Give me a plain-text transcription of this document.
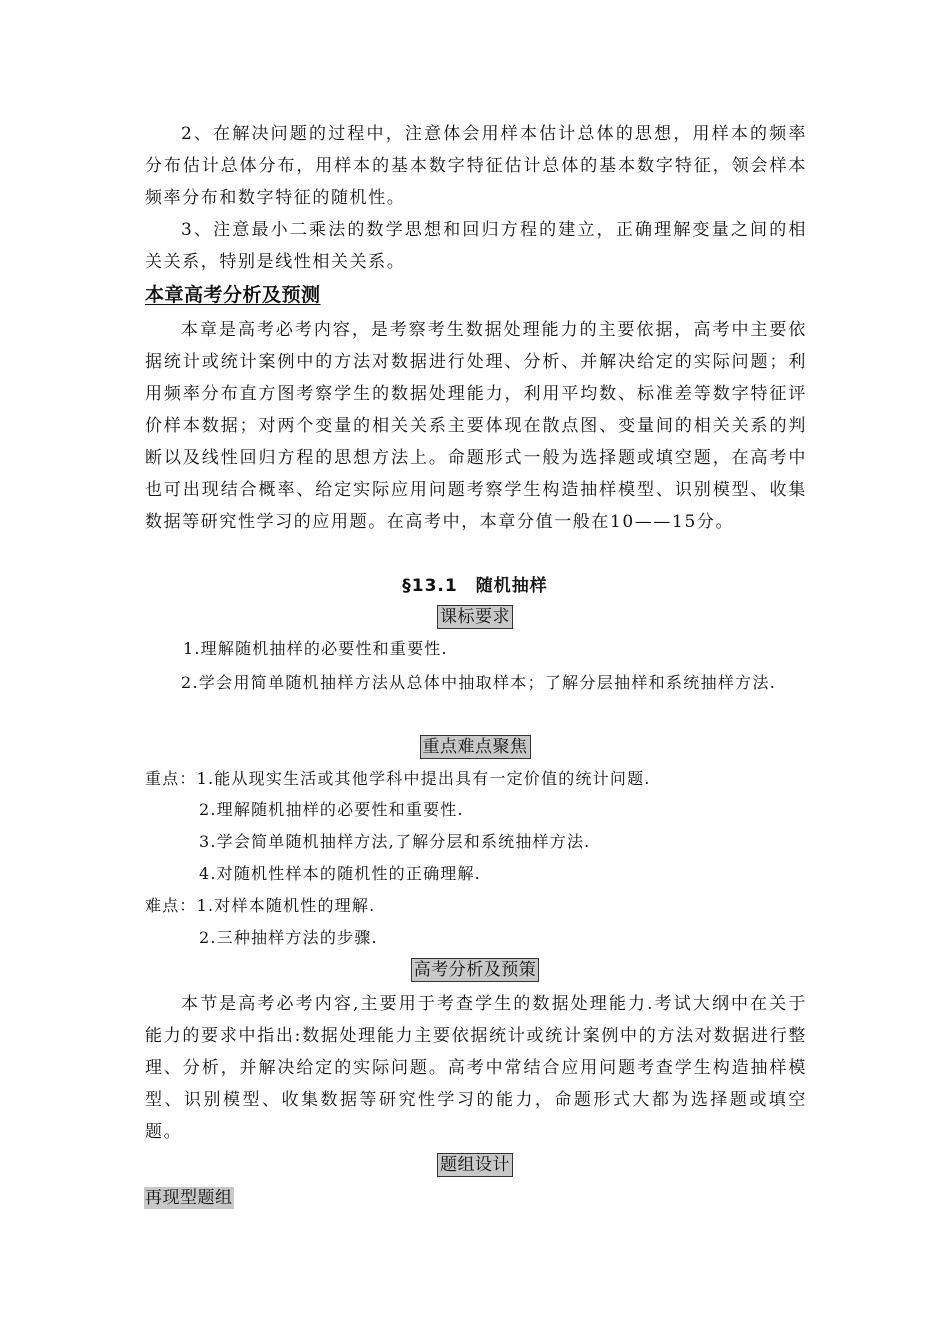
2、在解决问题的过程中，注意体会用样本估计总体的思想，用样本的频率分布估计总体分布，用样本的基本数字特征估计总体的基本数字特征，领会样本频率分布和数字特征的随机性。

3、注意最小二乘法的数学思想和回归方程的建立，正确理解变量之间的相关关系，特别是线性相关关系。

本章高考分析及预测

本章是高考必考内容，是考察考生数据处理能力的主要依据，高考中主要依据统计或统计案例中的方法对数据进行处理、分析、并解决给定的实际问题；利用频率分布直方图考察学生的数据处理能力，利用平均数、标准差等数字特征评价样本数据；对两个变量的相关关系主要体现在散点图、变量间的相关关系的判断以及线性回归方程的思想方法上。命题形式一般为选择题或填空题，在高考中也可出现结合概率、给定实际应用问题考察学生构造抽样模型、识别模型、收集数据等研究性学习的应用题。在高考中，本章分值一般在10——15分。

§13.1　随机抽样
课标要求
1.理解随机抽样的必要性和重要性.

2.学会用简单随机抽样方法从总体中抽取样本；了解分层抽样和系统抽样方法.

重点难点聚焦
重点：1.能从现实生活或其他学科中提出具有一定价值的统计问题.
2.理解随机抽样的必要性和重要性.
3.学会简单随机抽样方法,了解分层和系统抽样方法.
4.对随机性样本的随机性的正确理解.
难点：1.对样本随机性的理解.
2.三种抽样方法的步骤.
高考分析及预策

本节是高考必考内容,主要用于考查学生的数据处理能力.考试大纲中在关于能力的要求中指出:数据处理能力主要依据统计或统计案例中的方法对数据进行整理、分析，并解决给定的实际问题。高考中常结合应用问题考查学生构造抽样模型、识别模型、收集数据等研究性学习的能力，命题形式大都为选择题或填空题。

题组设计
再现型题组
